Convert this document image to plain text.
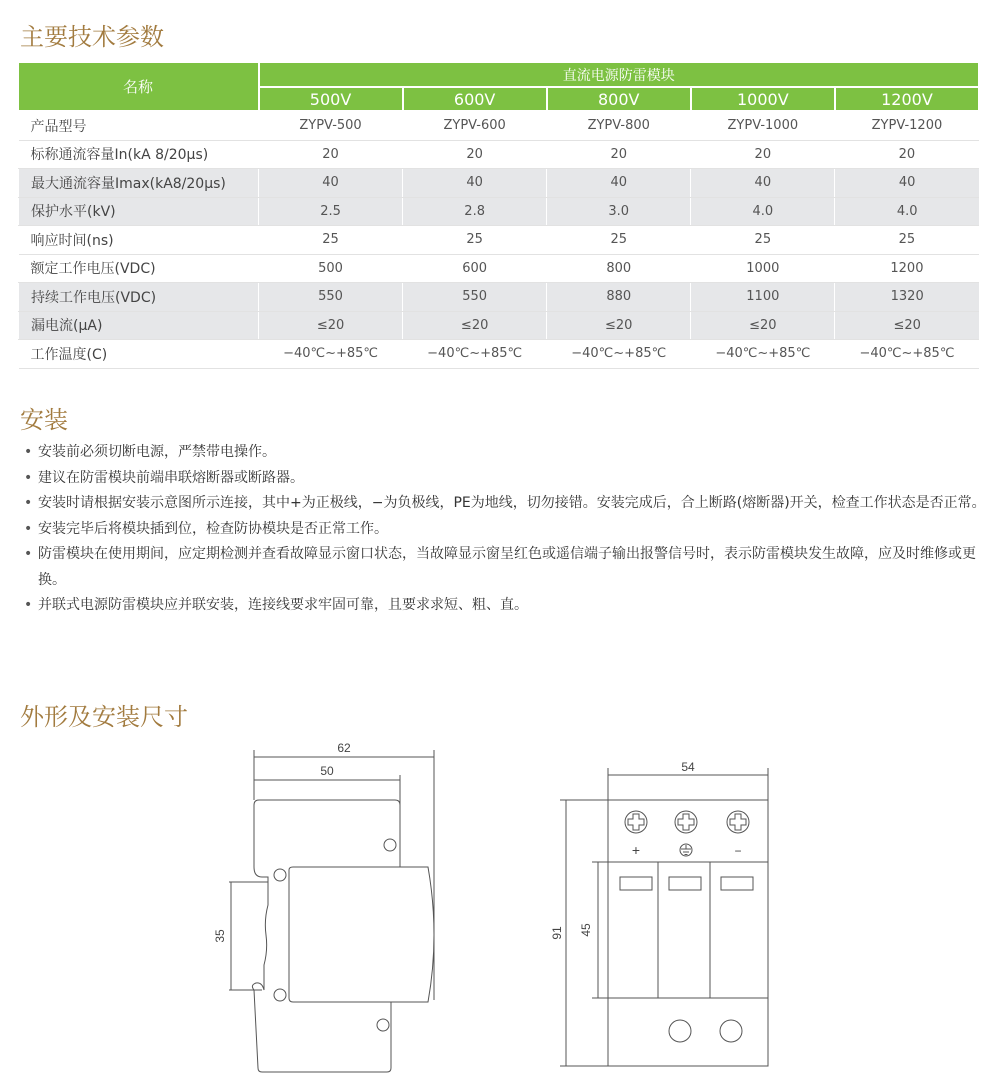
主要技术参数
名称	直流电源防雷模块				
	500V	600V	800V	1000V	1200V
产品型号	ZYPV-500	ZYPV-600	ZYPV-800	ZYPV-1000	ZYPV-1200
标称通流容量In(kA 8/20μs)	20	20	20	20	20
最大通流容量Imax(kA8/20μs)	40	40	40	40	40
保护水平(kV)	2.5	2.8	3.0	4.0	4.0
响应时间(ns)	25	25	25	25	25
额定工作电压(VDC)	500	600	800	1000	1200
持续工作电压(VDC)	550	550	880	1100	1320
漏电流(μA)	≤20	≤20	≤20	≤20	≤20
工作温度(C)	−40℃~+85℃	−40℃~+85℃	−40℃~+85℃	−40℃~+85℃	−40℃~+85℃
安装
• 安装前必须切断电源，严禁带电操作。
• 建议在防雷模块前端串联熔断器或断路器。
• 安装时请根据安装示意图所示连接，其中+为正极线，−为负极线，PE为地线，切勿接错。安装完成后，合上断路(熔断器)开关，检查工作状态是否正常。
• 安装完毕后将模块插到位，检查防协模块是否正常工作。
• 防雷模块在使用期间，应定期检测并查看故障显示窗口状态，当故障显示窗呈红色或遥信端子输出报警信号时，表示防雷模块发生故障，应及时维修或更换。
• 并联式电源防雷模块应并联安装，连接线要求牢固可靠，且要求求短、粗、直。
外形及安装尺寸
62
50
35
+	−
54
91 45
